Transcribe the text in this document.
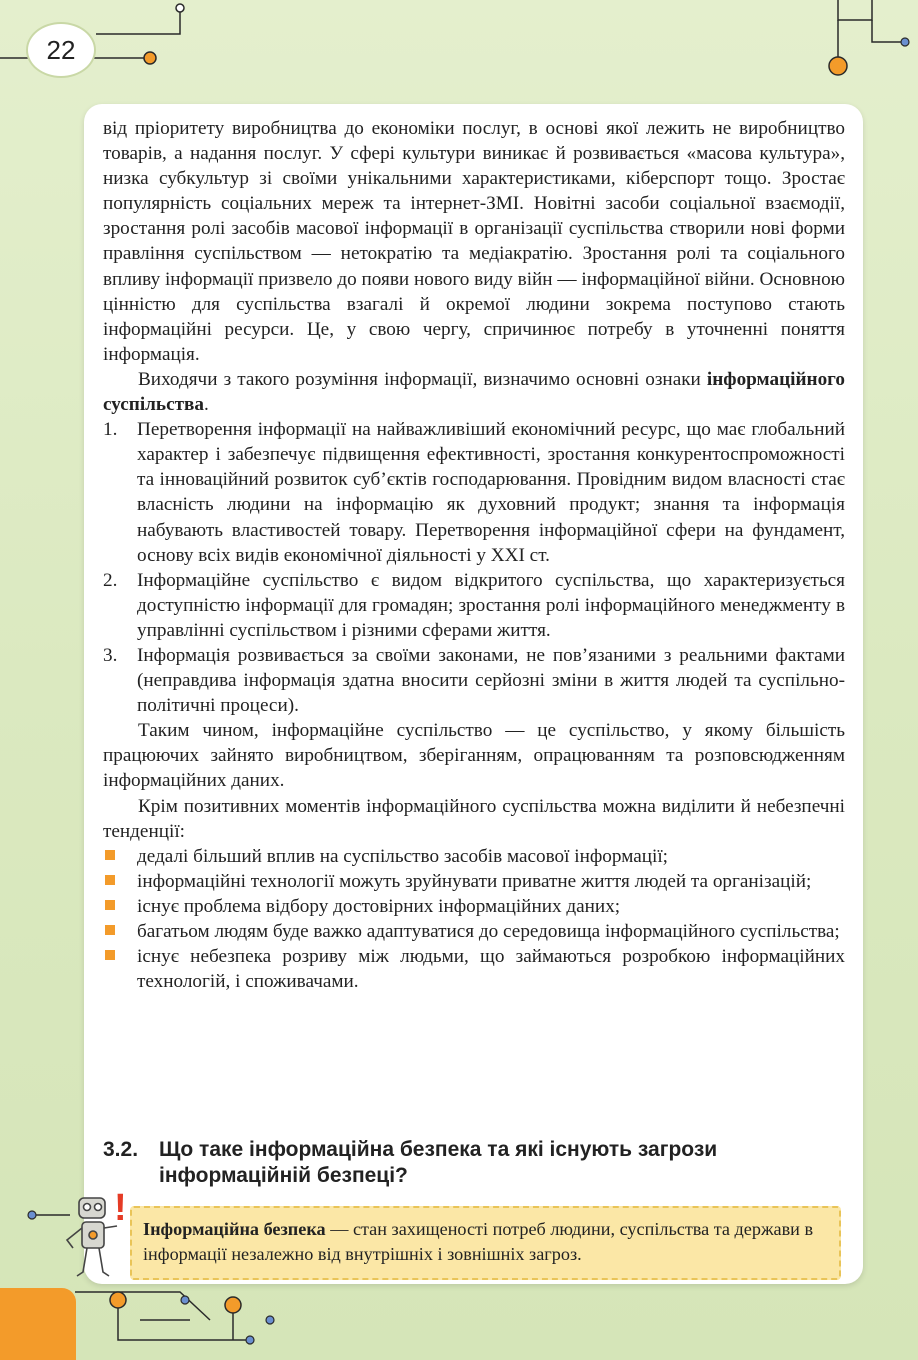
22

від пріоритету виробництва до економіки послуг, в основі якої лежить не виробництво товарів, а надання послуг. У сфері культури виникає й розвивається «масова культура», низка субкультур зі своїми унікальними характеристиками, кіберспорт тощо. Зростає популярність соціальних мереж та інтернет-ЗМІ. Новітні засоби соціальної взаємодії, зростання ролі засобів масової інформації в організації суспільства створили нові форми правління суспільством — нетократію та медіакратію. Зростання ролі та соціального впливу інформації призвело до появи нового виду війн — інформаційної війни. Основною цінністю для суспільства взагалі й окремої людини зокрема поступово стають інформаційні ресурси. Це, у свою чергу, спричинює потребу в уточненні поняття інформація.

Виходячи з такого розуміння інформації, визначимо основні ознаки інформаційного суспільства.

1. Перетворення інформації на найважливіший економічний ресурс, що має глобальний характер і забезпечує підвищення ефективності, зростання конкурентоспроможності та інноваційний розвиток суб’єктів господарювання. Провідним видом власності стає власність людини на інформацію як духовний продукт; знання та інформація набувають властивостей товару. Перетворення інформаційної сфери на фундамент, основу всіх видів економічної діяльності у XXI ст.
2. Інформаційне суспільство є видом відкритого суспільства, що характеризується доступністю інформації для громадян; зростання ролі інформаційного менеджменту в управлінні суспільством і різними сферами життя.
3. Інформація розвивається за своїми законами, не пов’язаними з реальними фактами (неправдива інформація здатна вносити серйозні зміни в життя людей та суспільно-політичні процеси).

Таким чином, інформаційне суспільство — це суспільство, у якому більшість працюючих зайнято виробництвом, зберіганням, опрацюванням та розповсюдженням інформаційних даних.

Крім позитивних моментів інформаційного суспільства можна виділити й небезпечні тенденції:

дедалі більший вплив на суспільство засобів масової інформації;
інформаційні технології можуть зруйнувати приватне життя людей та організацій;
існує проблема відбору достовірних інформаційних даних;
багатьом людям буде важко адаптуватися до середовища інформаційного суспільства;
існує небезпека розриву між людьми, що займаються розробкою інформаційних технологій, і споживачами.
3.2. Що таке інформаційна безпека та які існують загрози інформаційній безпеці?
Інформаційна безпека — стан захищеності потреб людини, суспільства та держави в інформації незалежно від внутрішніх і зовнішніх загроз.
!
